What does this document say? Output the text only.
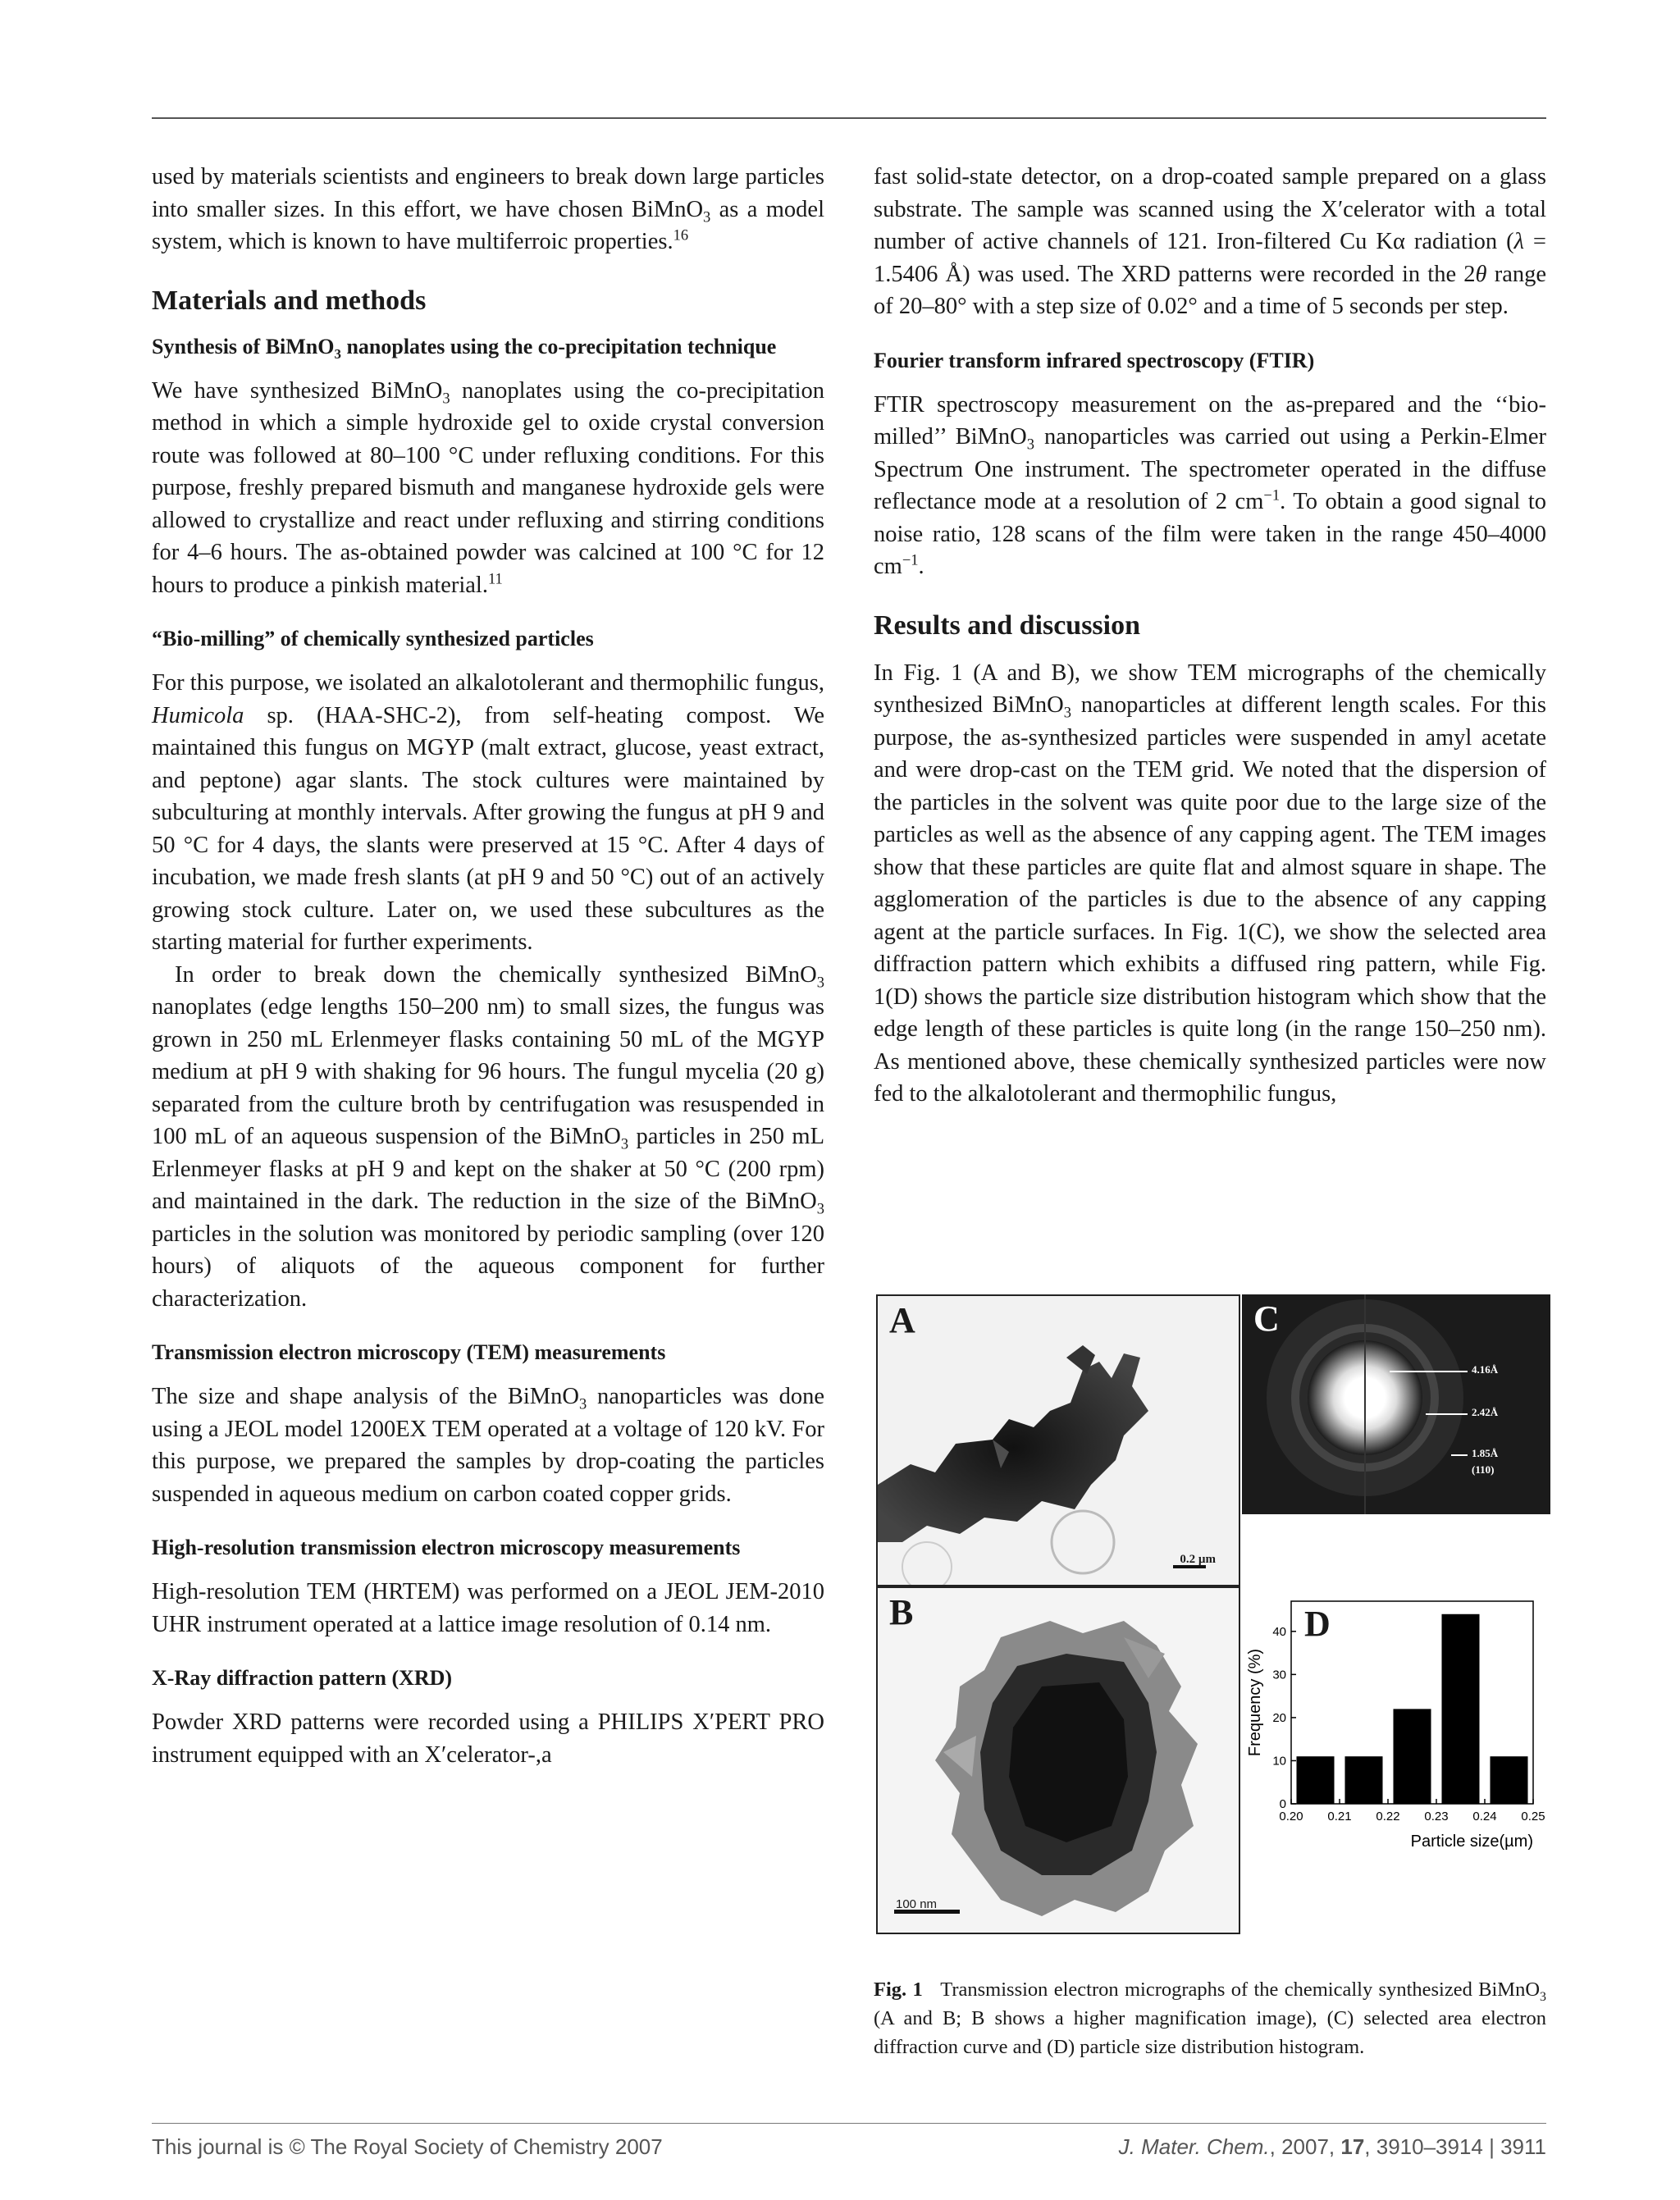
used by materials scientists and engineers to break down large particles into smaller sizes. In this effort, we have chosen BiMnO$_3$ as a model system, which is known to have multiferroic properties.$^{16}$

Materials and methods
Synthesis of BiMnO$_3$ nanoplates using the co-precipitation technique

We have synthesized BiMnO$_3$ nanoplates using the co-precipitation method in which a simple hydroxide gel to oxide crystal conversion route was followed at 80–100 °C under refluxing conditions. For this purpose, freshly prepared bismuth and manganese hydroxide gels were allowed to crystallize and react under refluxing and stirring conditions for 4–6 hours. The as-obtained powder was calcined at 100 °C for 12 hours to produce a pinkish material.$^{11}$

“Bio-milling” of chemically synthesized particles

For this purpose, we isolated an alkalotolerant and thermophilic fungus, Humicola sp. (HAA-SHC-2), from self-heating compost. We maintained this fungus on MGYP (malt extract, glucose, yeast extract, and peptone) agar slants. The stock cultures were maintained by subculturing at monthly intervals. After growing the fungus at pH 9 and 50 °C for 4 days, the slants were preserved at 15 °C. After 4 days of incubation, we made fresh slants (at pH 9 and 50 °C) out of an actively growing stock culture. Later on, we used these subcultures as the starting material for further experiments.

In order to break down the chemically synthesized BiMnO$_3$ nanoplates (edge lengths 150–200 nm) to small sizes, the fungus was grown in 250 mL Erlenmeyer flasks containing 50 mL of the MGYP medium at pH 9 with shaking for 96 hours. The fungul mycelia (20 g) separated from the culture broth by centrifugation was resuspended in 100 mL of an aqueous suspension of the BiMnO$_3$ particles in 250 mL Erlenmeyer flasks at pH 9 and kept on the shaker at 50 °C (200 rpm) and maintained in the dark. The reduction in the size of the BiMnO$_3$ particles in the solution was monitored by periodic sampling (over 120 hours) of aliquots of the aqueous component for further characterization.

Transmission electron microscopy (TEM) measurements

The size and shape analysis of the BiMnO$_3$ nanoparticles was done using a JEOL model 1200EX TEM operated at a voltage of 120 kV. For this purpose, we prepared the samples by drop-coating the particles suspended in aqueous medium on carbon coated copper grids.

High-resolution transmission electron microscopy measurements

High-resolution TEM (HRTEM) was performed on a JEOL JEM-2010 UHR instrument operated at a lattice image resolution of 0.14 nm.

X-Ray diffraction pattern (XRD)

Powder XRD patterns were recorded using a PHILIPS X′PERT PRO instrument equipped with an X′celerator-,a

fast solid-state detector, on a drop-coated sample prepared on a glass substrate. The sample was scanned using the X′celerator with a total number of active channels of 121. Iron-filtered Cu Kα radiation (λ = 1.5406 Å) was used. The XRD patterns were recorded in the 2θ range of 20–80° with a step size of 0.02° and a time of 5 seconds per step.

Fourier transform infrared spectroscopy (FTIR)

FTIR spectroscopy measurement on the as-prepared and the ‘‘bio-milled’’ BiMnO$_3$ nanoparticles was carried out using a Perkin-Elmer Spectrum One instrument. The spectrometer operated in the diffuse reflectance mode at a resolution of 2 $cm^{-1}$. To obtain a good signal to noise ratio, 128 scans of the film were taken in the range 450–4000 $cm^{-1}$.

Results and discussion

In Fig. 1 (A and B), we show TEM micrographs of the chemically synthesized BiMnO$_3$ nanoparticles at different length scales. For this purpose, the as-synthesized particles were suspended in amyl acetate and were drop-cast on the TEM grid. We noted that the dispersion of the particles in the solvent was quite poor due to the large size of the particles as well as the absence of any capping agent. The TEM images show that these particles are quite flat and almost square in shape. The agglomeration of the particles is due to the absence of any capping agent at the particle surfaces. In Fig. 1(C), we show the selected area diffraction pattern which exhibits a diffused ring pattern, while Fig. 1(D) shows the particle size distribution histogram which show that the edge length of these particles is quite long (in the range 150–250 nm). As mentioned above, these chemically synthesized particles were now fed to the alkalotolerant and thermophilic fungus,

A
0.2 µm
C
4.16Å
2.42Å
1.85Å
(110)
B
100 nm
0
10
20
30
40
0.20 0.21 0.22 0.23 0.24 0.25
Particle size(µm)
Frequency (%)
D
Fig. 1 Transmission electron micrographs of the chemically synthesized BiMnO$_3$ (A and B; B shows a higher magnification image), (C) selected area electron diffraction curve and (D) particle size distribution histogram.
This journal is © The Royal Society of Chemistry 2007	J. Mater. Chem., 2007, 17, 3910–3914 | 3911
